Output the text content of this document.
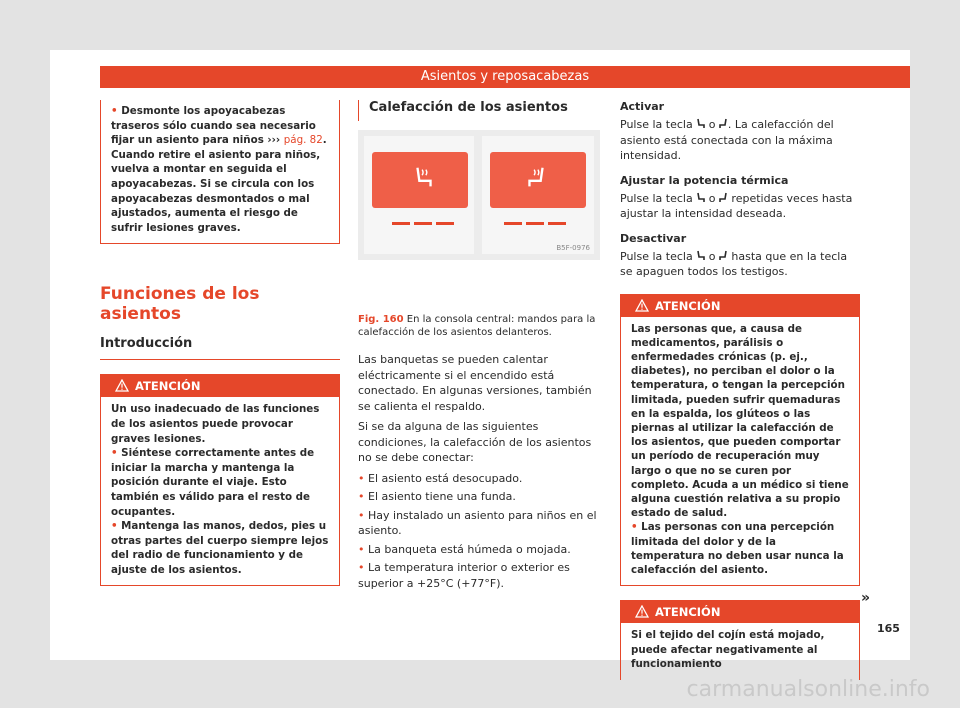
Asientos y reposacabezas
• Desmonte los apoyacabezas traseros sólo cuando sea necesario fijar un asiento para niños ››› pág. 82. Cuando retire el asiento para niños, vuelva a montar en seguida el apoyacabezas. Si se circula con los apoyacabezas desmontados o mal ajustados, aumenta el riesgo de sufrir lesiones graves.
Funciones de los asientos
Introducción
ATENCIÓN

Un uso inadecuado de las funciones de los asientos puede provocar graves lesiones.

• Siéntese correctamente antes de iniciar la marcha y mantenga la posición durante el viaje. Esto también es válido para el resto de ocupantes.

• Mantenga las manos, dedos, pies u otras partes del cuerpo siempre lejos del radio de funcionamiento y de ajuste de los asientos.

Calefacción de los asientos
B5F-0976
Fig. 160 En la consola central: mandos para la calefacción de los asientos delanteros.

Las banquetas se pueden calentar eléctricamente si el encendido está conectado. En algunas versiones, también se calienta el respaldo.

Si se da alguna de las siguientes condiciones, la calefacción de los asientos no se debe conectar:

• El asiento está desocupado.

• El asiento tiene una funda.

• Hay instalado un asiento para niños en el asiento.

• La banqueta está húmeda o mojada.

• La temperatura interior o exterior es superior a +25°C (+77°F).

Activar

Pulse la tecla o . La calefacción del asiento está conectada con la máxima intensidad.

Ajustar la potencia térmica

Pulse la tecla o repetidas veces hasta ajustar la intensidad deseada.

Desactivar

Pulse la tecla o hasta que en la tecla se apaguen todos los testigos.

ATENCIÓN

Las personas que, a causa de medicamentos, parálisis o enfermedades crónicas (p. ej., diabetes), no perciban el dolor o la temperatura, o tengan la percepción limitada, pueden sufrir quemaduras en la espalda, los glúteos o las piernas al utilizar la calefacción de los asientos, que pueden comportar un período de recuperación muy largo o que no se curen por completo. Acuda a un médico si tiene alguna cuestión relativa a su propio estado de salud.

• Las personas con una percepción limitada del dolor y de la temperatura no deben usar nunca la calefacción del asiento.

ATENCIÓN

Si el tejido del cojín está mojado, puede afectar negativamente al funcionamiento

»
165
carmanualsonline.info
